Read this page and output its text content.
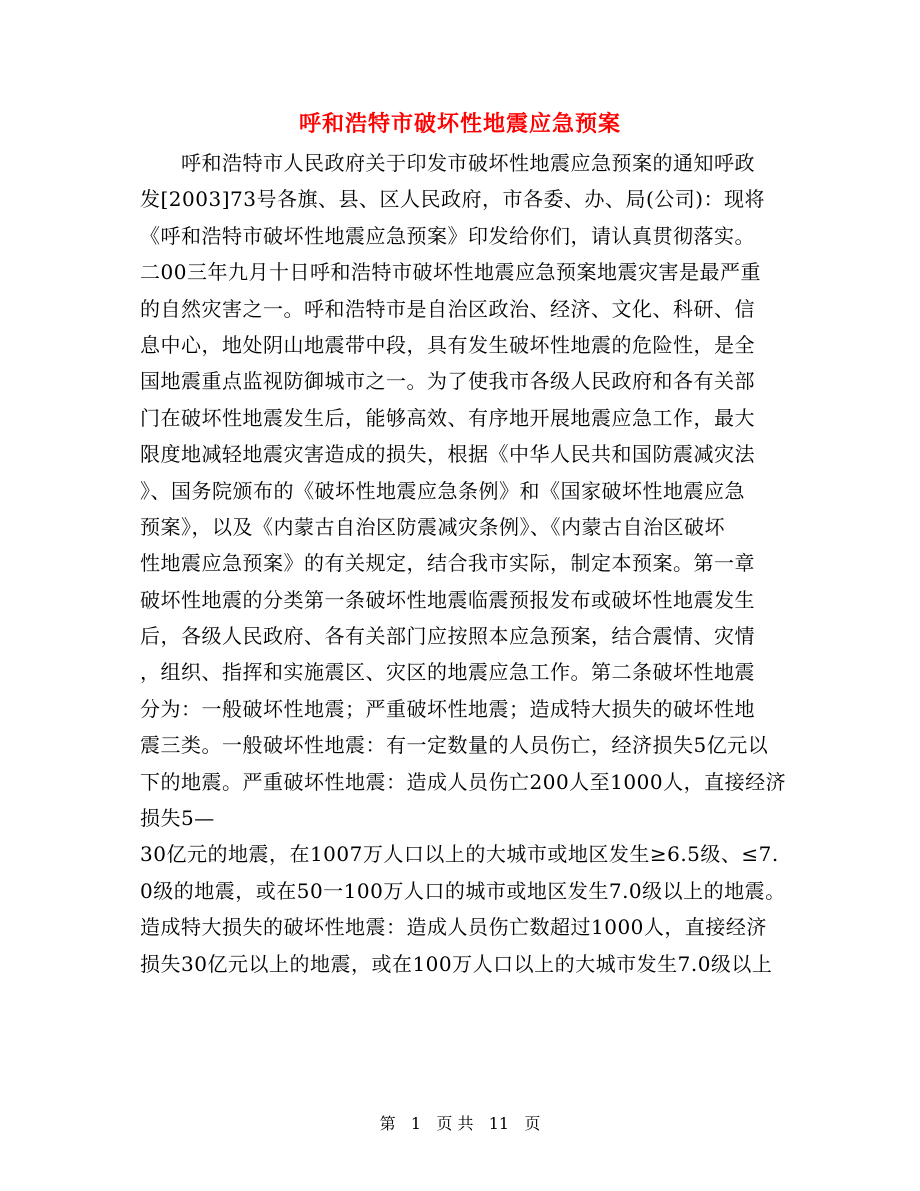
呼和浩特市破坏性地震应急预案
　　呼和浩特市人民政府关于印发市破坏性地震应急预案的通知呼政
发[2003]73号各旗、县、区人民政府，市各委、办、局(公司)：现将
《呼和浩特市破坏性地震应急预案》印发给你们，请认真贯彻落实。
二00三年九月十日呼和浩特市破坏性地震应急预案地震灾害是最严重
的自然灾害之一。呼和浩特市是自治区政治、经济、文化、科研、信
息中心，地处阴山地震带中段，具有发生破坏性地震的危险性，是全
国地震重点监视防御城市之一。为了使我市各级人民政府和各有关部
门在破坏性地震发生后，能够高效、有序地开展地震应急工作，最大
限度地减轻地震灾害造成的损失，根据《中华人民共和国防震减灾法
》、国务院颁布的《破坏性地震应急条例》和《国家破坏性地震应急
预案》，以及《内蒙古自治区防震减灾条例》、《内蒙古自治区破坏
性地震应急预案》的有关规定，结合我市实际，制定本预案。第一章
破坏性地震的分类第一条破坏性地震临震预报发布或破坏性地震发生
后，各级人民政府、各有关部门应按照本应急预案，结合震情、灾情
，组织、指挥和实施震区、灾区的地震应急工作。第二条破坏性地震
分为：一般破坏性地震；严重破坏性地震；造成特大损失的破坏性地
震三类。一般破坏性地震：有一定数量的人员伤亡，经济损失5亿元以
下的地震。严重破坏性地震：造成人员伤亡200人至1000人，直接经济
损失5—
30亿元的地震，在1007万人口以上的大城市或地区发生≥6.5级、≤7.
0级的地震，或在50一100万人口的城市或地区发生7.0级以上的地震。
造成特大损失的破坏性地震：造成人员伤亡数超过1000人，直接经济
损失30亿元以上的地震，或在100万人口以上的大城市发生7.0级以上
第 1 页 共 11 页
